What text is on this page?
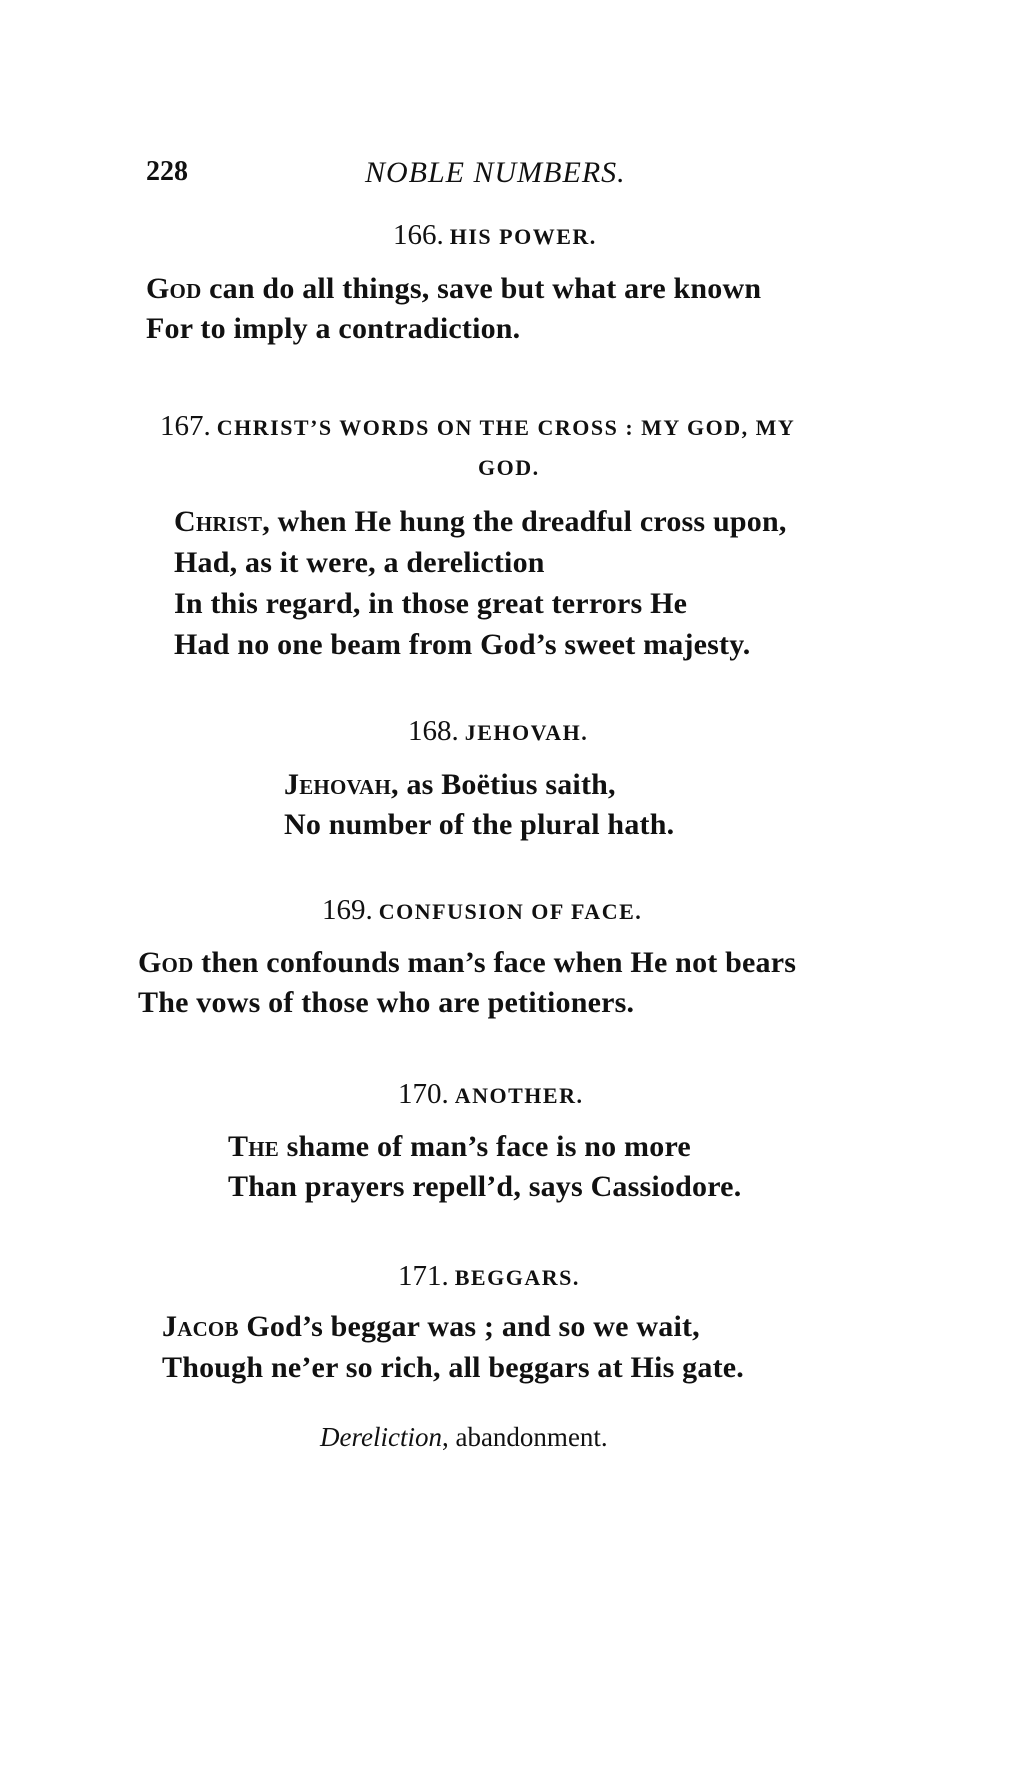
228	NOBLE NUMBERS.
166. HIS POWER.
God can do all things, save but what are known
For to imply a contradiction.
167. CHRIST’S WORDS ON THE CROSS : MY GOD, MY
GOD.
Christ, when He hung the dreadful cross upon,
Had, as it were, a dereliction
In this regard, in those great terrors He
Had no one beam from God’s sweet majesty.
168. JEHOVAH.
Jehovah, as Boëtius saith,
No number of the plural hath.
169. CONFUSION OF FACE.
God then confounds man’s face when He not bears
The vows of those who are petitioners.
170. ANOTHER.
The shame of man’s face is no more
Than prayers repell’d, says Cassiodore.
171. BEGGARS.
Jacob God’s beggar was ; and so we wait,
Though ne’er so rich, all beggars at His gate.
Dereliction, abandonment.
